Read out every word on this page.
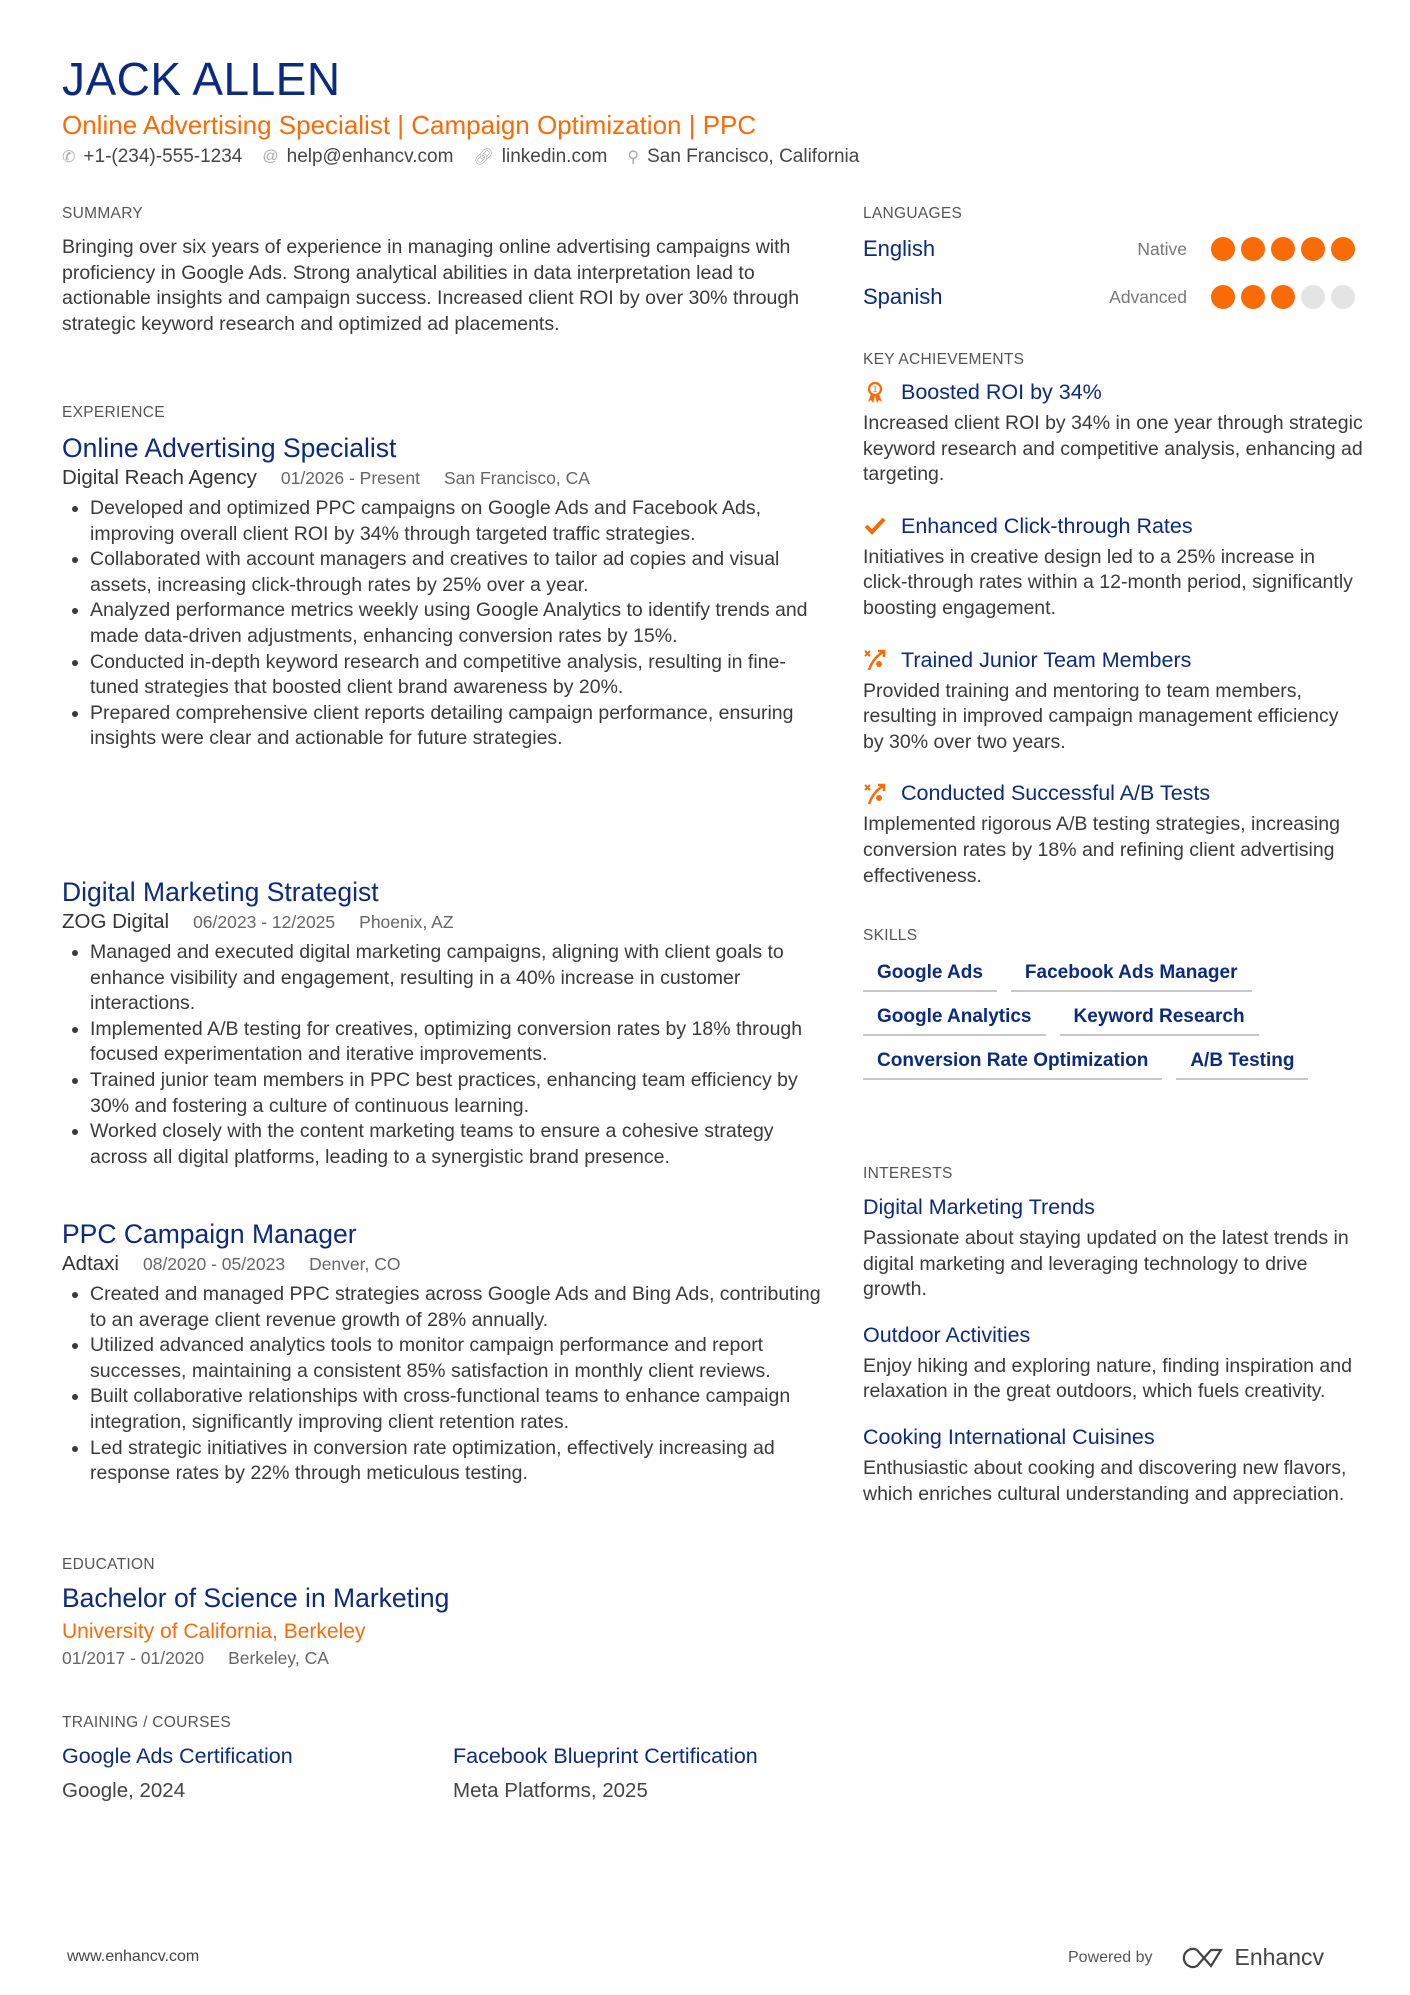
JACK ALLEN
Online Advertising Specialist | Campaign Optimization | PPC
✆ +1-(234)-555-1234 @ help@enhancv.com 🔗︎ linkedin.com ⚲ San Francisco, California
SUMMARY
Bringing over six years of experience in managing online advertising campaigns with proficiency in Google Ads. Strong analytical abilities in data interpretation lead to actionable insights and campaign success. Increased client ROI by over 30% through strategic keyword research and optimized ad placements.
EXPERIENCE
Online Advertising Specialist
Digital Reach Agency 01/2026 - Present San Francisco, CA
• Developed and optimized PPC campaigns on Google Ads and Facebook Ads, improving overall client ROI by 34% through targeted traffic strategies.
• Collaborated with account managers and creatives to tailor ad copies and visual assets, increasing click-through rates by 25% over a year.
• Analyzed performance metrics weekly using Google Analytics to identify trends and made data-driven adjustments, enhancing conversion rates by 15%.
• Conducted in-depth keyword research and competitive analysis, resulting in fine-tuned strategies that boosted client brand awareness by 20%.
• Prepared comprehensive client reports detailing campaign performance, ensuring insights were clear and actionable for future strategies.
Digital Marketing Strategist
ZOG Digital 06/2023 - 12/2025 Phoenix, AZ
• Managed and executed digital marketing campaigns, aligning with client goals to enhance visibility and engagement, resulting in a 40% increase in customer interactions.
• Implemented A/B testing for creatives, optimizing conversion rates by 18% through focused experimentation and iterative improvements.
• Trained junior team members in PPC best practices, enhancing team efficiency by 30% and fostering a culture of continuous learning.
• Worked closely with the content marketing teams to ensure a cohesive strategy across all digital platforms, leading to a synergistic brand presence.
PPC Campaign Manager
Adtaxi 08/2020 - 05/2023 Denver, CO
• Created and managed PPC strategies across Google Ads and Bing Ads, contributing to an average client revenue growth of 28% annually.
• Utilized advanced analytics tools to monitor campaign performance and report successes, maintaining a consistent 85% satisfaction in monthly client reviews.
• Built collaborative relationships with cross-functional teams to enhance campaign integration, significantly improving client retention rates.
• Led strategic initiatives in conversion rate optimization, effectively increasing ad response rates by 22% through meticulous testing.
EDUCATION
Bachelor of Science in Marketing
University of California, Berkeley
01/2017 - 01/2020 Berkeley, CA
TRAINING / COURSES
Google Ads Certification
Google, 2024
Facebook Blueprint Certification
Meta Platforms, 2025
LANGUAGES
English	Native
Spanish	Advanced
KEY ACHIEVEMENTS
1 Boosted ROI by 34%
Increased client ROI by 34% in one year through strategic keyword research and competitive analysis, enhancing ad targeting.
Enhanced Click-through Rates
Initiatives in creative design led to a 25% increase in click-through rates within a 12-month period, significantly boosting engagement.
Trained Junior Team Members
Provided training and mentoring to team members, resulting in improved campaign management efficiency by 30% over two years.
Conducted Successful A/B Tests
Implemented rigorous A/B testing strategies, increasing conversion rates by 18% and refining client advertising effectiveness.
SKILLS
Google Ads	Facebook Ads Manager
Google Analytics	Keyword Research
Conversion Rate Optimization	A/B Testing
INTERESTS
Digital Marketing Trends
Passionate about staying updated on the latest trends in digital marketing and leveraging technology to drive growth.
Outdoor Activities
Enjoy hiking and exploring nature, finding inspiration and relaxation in the great outdoors, which fuels creativity.
Cooking International Cuisines
Enthusiastic about cooking and discovering new flavors, which enriches cultural understanding and appreciation.
www.enhancv.com	Powered by	Enhancv
